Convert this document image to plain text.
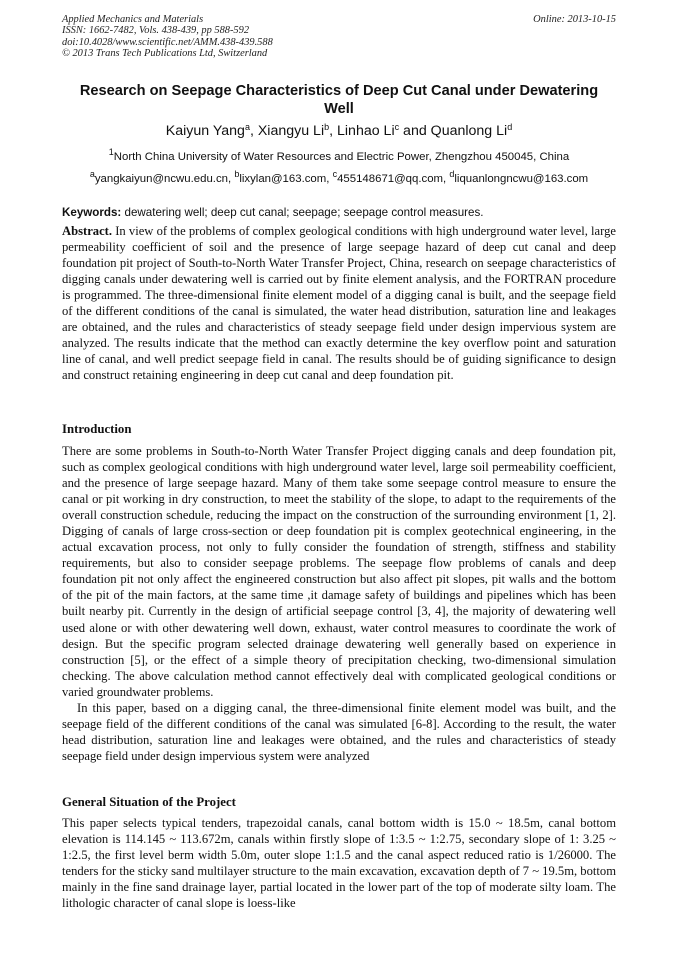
Applied Mechanics and Materials
ISSN: 1662-7482, Vols. 438-439, pp 588-592
doi:10.4028/www.scientific.net/AMM.438-439.588
© 2013 Trans Tech Publications Ltd, Switzerland
Online: 2013-10-15
Research on Seepage Characteristics of Deep Cut Canal under Dewatering Well
Kaiyun Yang$^a$, Xiangyu Li$^b$, Linhao Li$^c$ and Quanlong Li$^d$
$^1$North China University of Water Resources and Electric Power, Zhengzhou 450045, China
$^a$yangkaiyun@ncwu.edu.cn, $^b$lixylan@163.com, $^c$455148671@qq.com, $^d$liquanlongncwu@163.com
Keywords: dewatering well; deep cut canal; seepage; seepage control measures.

Abstract. In view of the problems of complex geological conditions with high underground water level, large permeability coefficient of soil and the presence of large seepage hazard of deep cut canal and deep foundation pit project of South-to-North Water Transfer Project, China, research on seepage characteristics of digging canals under dewatering well is carried out by finite element analysis, and the FORTRAN procedure is programmed. The three-dimensional finite element model of a digging canal is built, and the seepage field of the different conditions of the canal is simulated, the water head distribution, saturation line and leakages are obtained, and the rules and characteristics of steady seepage field under design impervious system are analyzed. The results indicate that the method can exactly determine the key overflow point and saturation line of canal, and well predict seepage field in canal. The results should be of guiding significance to design and construct retaining engineering in deep cut canal and deep foundation pit.

Introduction

There are some problems in South-to-North Water Transfer Project digging canals and deep foundation pit, such as complex geological conditions with high underground water level, large soil permeability coefficient, and the presence of large seepage hazard. Many of them take some seepage control measure to ensure the canal or pit working in dry construction, to meet the stability of the slope, to adapt to the requirements of the overall construction schedule, reducing the impact on the construction of the surrounding environment [1, 2]. Digging of canals of large cross-section or deep foundation pit is complex geotechnical engineering, in the actual excavation process, not only to fully consider the foundation of strength, stiffness and stability requirements, but also to consider seepage problems. The seepage flow problems of canals and deep foundation pit not only affect the engineered construction but also affect pit slopes, pit walls and the bottom of the pit of the main factors, at the same time ,it damage safety of buildings and pipelines which has been built nearby pit. Currently in the design of artificial seepage control [3, 4], the majority of dewatering well used alone or with other dewatering well down, exhaust, water control measures to coordinate the work of design. But the specific program selected drainage dewatering well generally based on experience in construction [5], or the effect of a simple theory of precipitation checking, two-dimensional simulation checking. The above calculation method cannot effectively deal with complicated geological conditions or varied groundwater problems.

In this paper, based on a digging canal, the three-dimensional finite element model was built, and the seepage field of the different conditions of the canal was simulated [6-8]. According to the result, the water head distribution, saturation line and leakages were obtained, and the rules and characteristics of steady seepage field under design impervious system were analyzed

General Situation of the Project

This paper selects typical tenders, trapezoidal canals, canal bottom width is 15.0 ~ 18.5m, canal bottom elevation is 114.145 ~ 113.672m, canals within firstly slope of 1:3.5 ~ 1:2.75, secondary slope of 1: 3.25 ~ 1:2.5, the first level berm width 5.0m, outer slope 1:1.5 and the canal aspect reduced ratio is 1/26000. The tenders for the sticky sand multilayer structure to the main excavation, excavation depth of 7 ~ 19.5m, bottom mainly in the fine sand drainage layer, partial located in the lower part of the top of moderate silty loam. The lithologic character of canal slope is loess-like
